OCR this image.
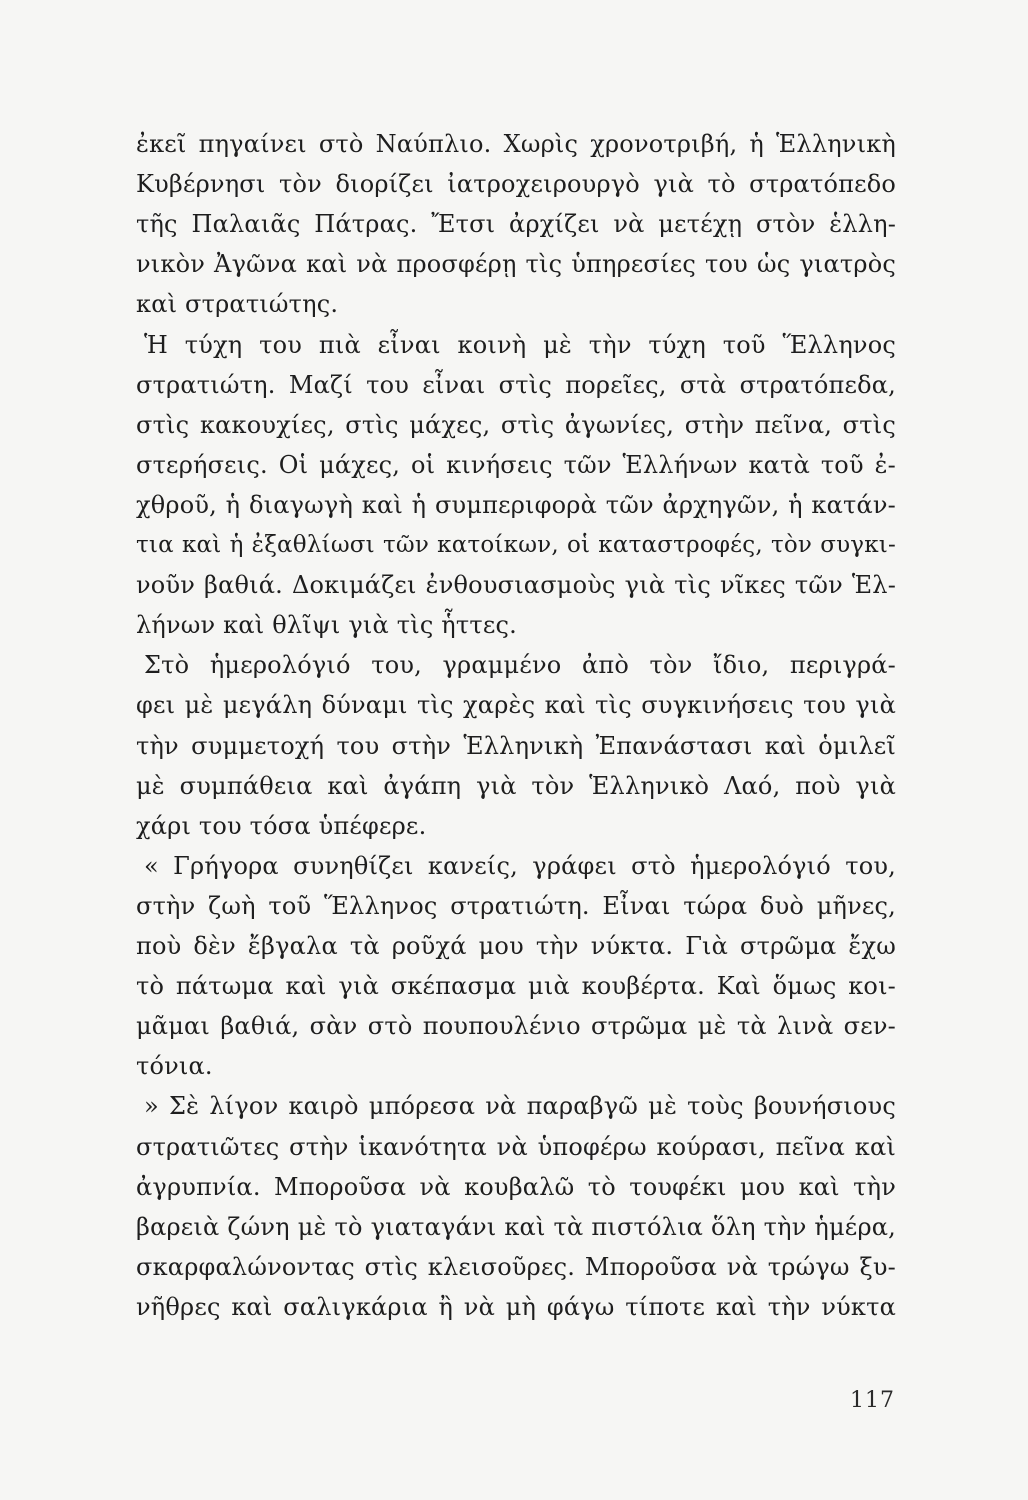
ἐκεῖ πηγαίνει στὸ Ναύπλιο. Χωρὶς χρονοτριβή, ἡ Ἑλληνικὴ
Κυβέρνησι τὸν διορίζει ἰατροχειρουργὸ γιὰ τὸ στρατόπεδο
τῆς Παλαιᾶς Πάτρας. Ἔτσι ἀρχίζει νὰ μετέχῃ στὸν ἑλλη-
νικὸν Ἀγῶνα καὶ νὰ προσφέρῃ τὶς ὑπηρεσίες του ὡς γιατρὸς
καὶ στρατιώτης.
Ἡ τύχη του πιὰ εἶναι κοινὴ μὲ τὴν τύχη τοῦ Ἕλληνος
στρατιώτη. Μαζί του εἶναι στὶς πορεῖες, στὰ στρατόπεδα,
στὶς κακουχίες, στὶς μάχες, στὶς ἀγωνίες, στὴν πεῖνα, στὶς
στερήσεις. Οἱ μάχες, οἱ κινήσεις τῶν Ἑλλήνων κατὰ τοῦ ἐ-
χθροῦ, ἡ διαγωγὴ καὶ ἡ συμπεριφορὰ τῶν ἀρχηγῶν, ἡ κατάν-
τια καὶ ἡ ἐξαθλίωσι τῶν κατοίκων, οἱ καταστροφές, τὸν συγκι-
νοῦν βαθιά. Δοκιμάζει ἐνθουσιασμοὺς γιὰ τὶς νῖκες τῶν Ἑλ-
λήνων καὶ θλῖψι γιὰ τὶς ἧττες.
Στὸ ἡμερολόγιό του, γραμμένο ἀπὸ τὸν ἴδιο, περιγρά-
φει μὲ μεγάλη δύναμι τὶς χαρὲς καὶ τὶς συγκινήσεις του γιὰ
τὴν συμμετοχή του στὴν Ἑλληνικὴ Ἐπανάστασι καὶ ὁμιλεῖ
μὲ συμπάθεια καὶ ἀγάπη γιὰ τὸν Ἑλληνικὸ Λαό, ποὺ γιὰ
χάρι του τόσα ὑπέφερε.
« Γρήγορα συνηθίζει κανείς, γράφει στὸ ἡμερολόγιό του,
στὴν ζωὴ τοῦ Ἕλληνος στρατιώτη. Εἶναι τώρα δυὸ μῆνες,
ποὺ δὲν ἔβγαλα τὰ ροῦχά μου τὴν νύκτα. Γιὰ στρῶμα ἔχω
τὸ πάτωμα καὶ γιὰ σκέπασμα μιὰ κουβέρτα. Καὶ ὅμως κοι-
μᾶμαι βαθιά, σὰν στὸ πουπουλένιο στρῶμα μὲ τὰ λινὰ σεν-
τόνια.
» Σὲ λίγον καιρὸ μπόρεσα νὰ παραβγῶ μὲ τοὺς βουνήσιους
στρατιῶτες στὴν ἱκανότητα νὰ ὑποφέρω κούρασι, πεῖνα καὶ
ἀγρυπνία. Μποροῦσα νὰ κουβαλῶ τὸ τουφέκι μου καὶ τὴν
βαρειὰ ζώνη μὲ τὸ γιαταγάνι καὶ τὰ πιστόλια ὅλη τὴν ἡμέρα,
σκαρφαλώνοντας στὶς κλεισοῦρες. Μποροῦσα νὰ τρώγω ξυ-
νῆθρες καὶ σαλιγκάρια ἢ νὰ μὴ φάγω τίποτε καὶ τὴν νύκτα
117
